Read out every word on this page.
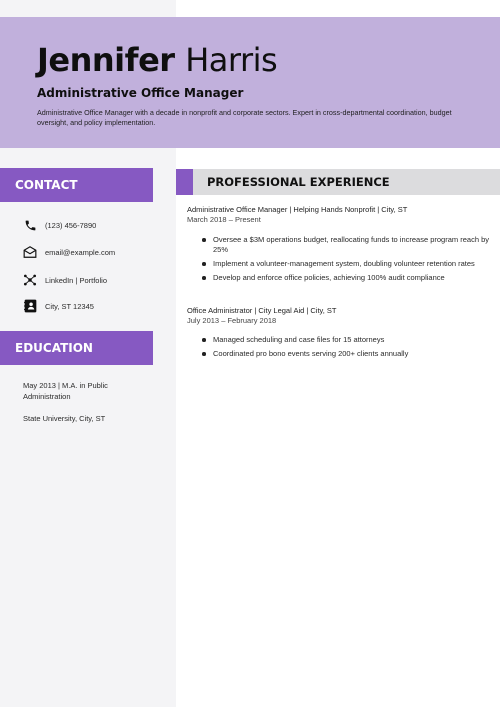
Jennifer Harris
Administrative Office Manager

Administrative Office Manager with a decade in nonprofit and corporate sectors. Expert in cross-departmental coordination, budget oversight, and policy implementation.

CONTACT
(123) 456-7890
email@example.com
LinkedIn | Portfolio
City, ST 12345
EDUCATION

May 2013 | M.A. in Public Administration

State University, City, ST

PROFESSIONAL EXPERIENCE

Administrative Office Manager | Helping Hands Nonprofit | City, ST

March 2018 – Present

Oversee a $3M operations budget, reallocating funds to increase program reach by 25%
Implement a volunteer-management system, doubling volunteer retention rates
Develop and enforce office policies, achieving 100% audit compliance

Office Administrator | City Legal Aid | City, ST

July 2013 – February 2018

Managed scheduling and case files for 15 attorneys
Coordinated pro bono events serving 200+ clients annually
